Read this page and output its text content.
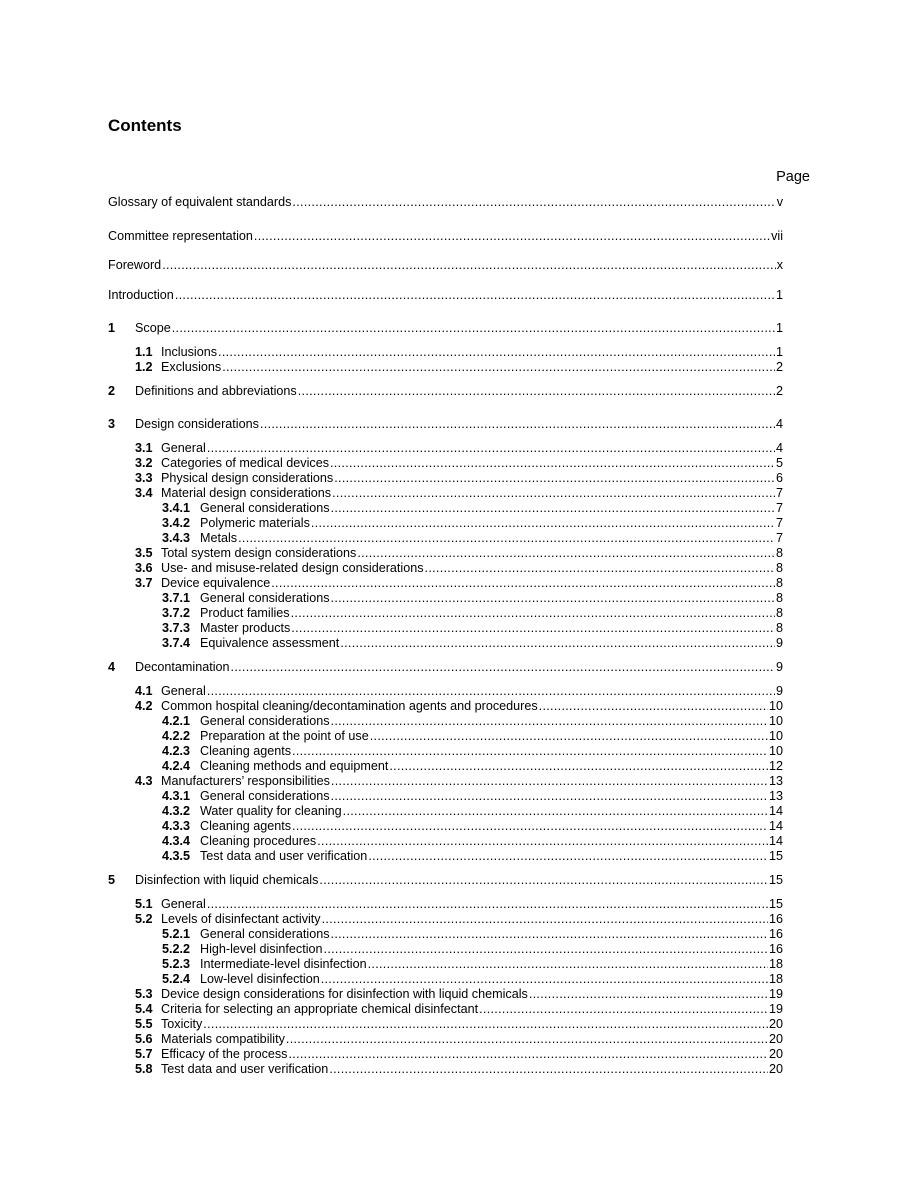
Contents
Page
Glossary of equivalent standards .....	v
Committee representation .....	vii
Foreword .....	x
Introduction .....	1
1	Scope .....	1
1.1 Inclusions .....	1
1.2 Exclusions .....	2
2	Definitions and abbreviations .....	2
3	Design considerations .....	4
3.1 General .....	4
3.2 Categories of medical devices .....	5
3.3 Physical design considerations .....	6
3.4 Material design considerations .....	7
3.4.1 General considerations .....	7
3.4.2 Polymeric materials .....	7
3.4.3 Metals .....	7
3.5 Total system design considerations .....	8
3.6 Use- and misuse-related design considerations .....	8
3.7 Device equivalence .....	8
3.7.1 General considerations .....	8
3.7.2 Product families .....	8
3.7.3 Master products .....	8
3.7.4 Equivalence assessment .....	9
4	Decontamination .....	9
4.1 General .....	9
4.2 Common hospital cleaning/decontamination agents and procedures .....	10
4.2.1 General considerations .....	10
4.2.2 Preparation at the point of use .....	10
4.2.3 Cleaning agents .....	10
4.2.4 Cleaning methods and equipment .....	12
4.3 Manufacturers’ responsibilities .....	13
4.3.1 General considerations .....	13
4.3.2 Water quality for cleaning .....	14
4.3.3 Cleaning agents .....	14
4.3.4 Cleaning procedures .....	14
4.3.5 Test data and user verification .....	15
5	Disinfection with liquid chemicals .....	15
5.1 General .....	15
5.2 Levels of disinfectant activity .....	16
5.2.1 General considerations .....	16
5.2.2 High-level disinfection .....	16
5.2.3 Intermediate-level disinfection .....	18
5.2.4 Low-level disinfection .....	18
5.3 Device design considerations for disinfection with liquid chemicals .....	19
5.4 Criteria for selecting an appropriate chemical disinfectant .....	19
5.5 Toxicity .....	20
5.6 Materials compatibility .....	20
5.7 Efficacy of the process .....	20
5.8 Test data and user verification .....	20
